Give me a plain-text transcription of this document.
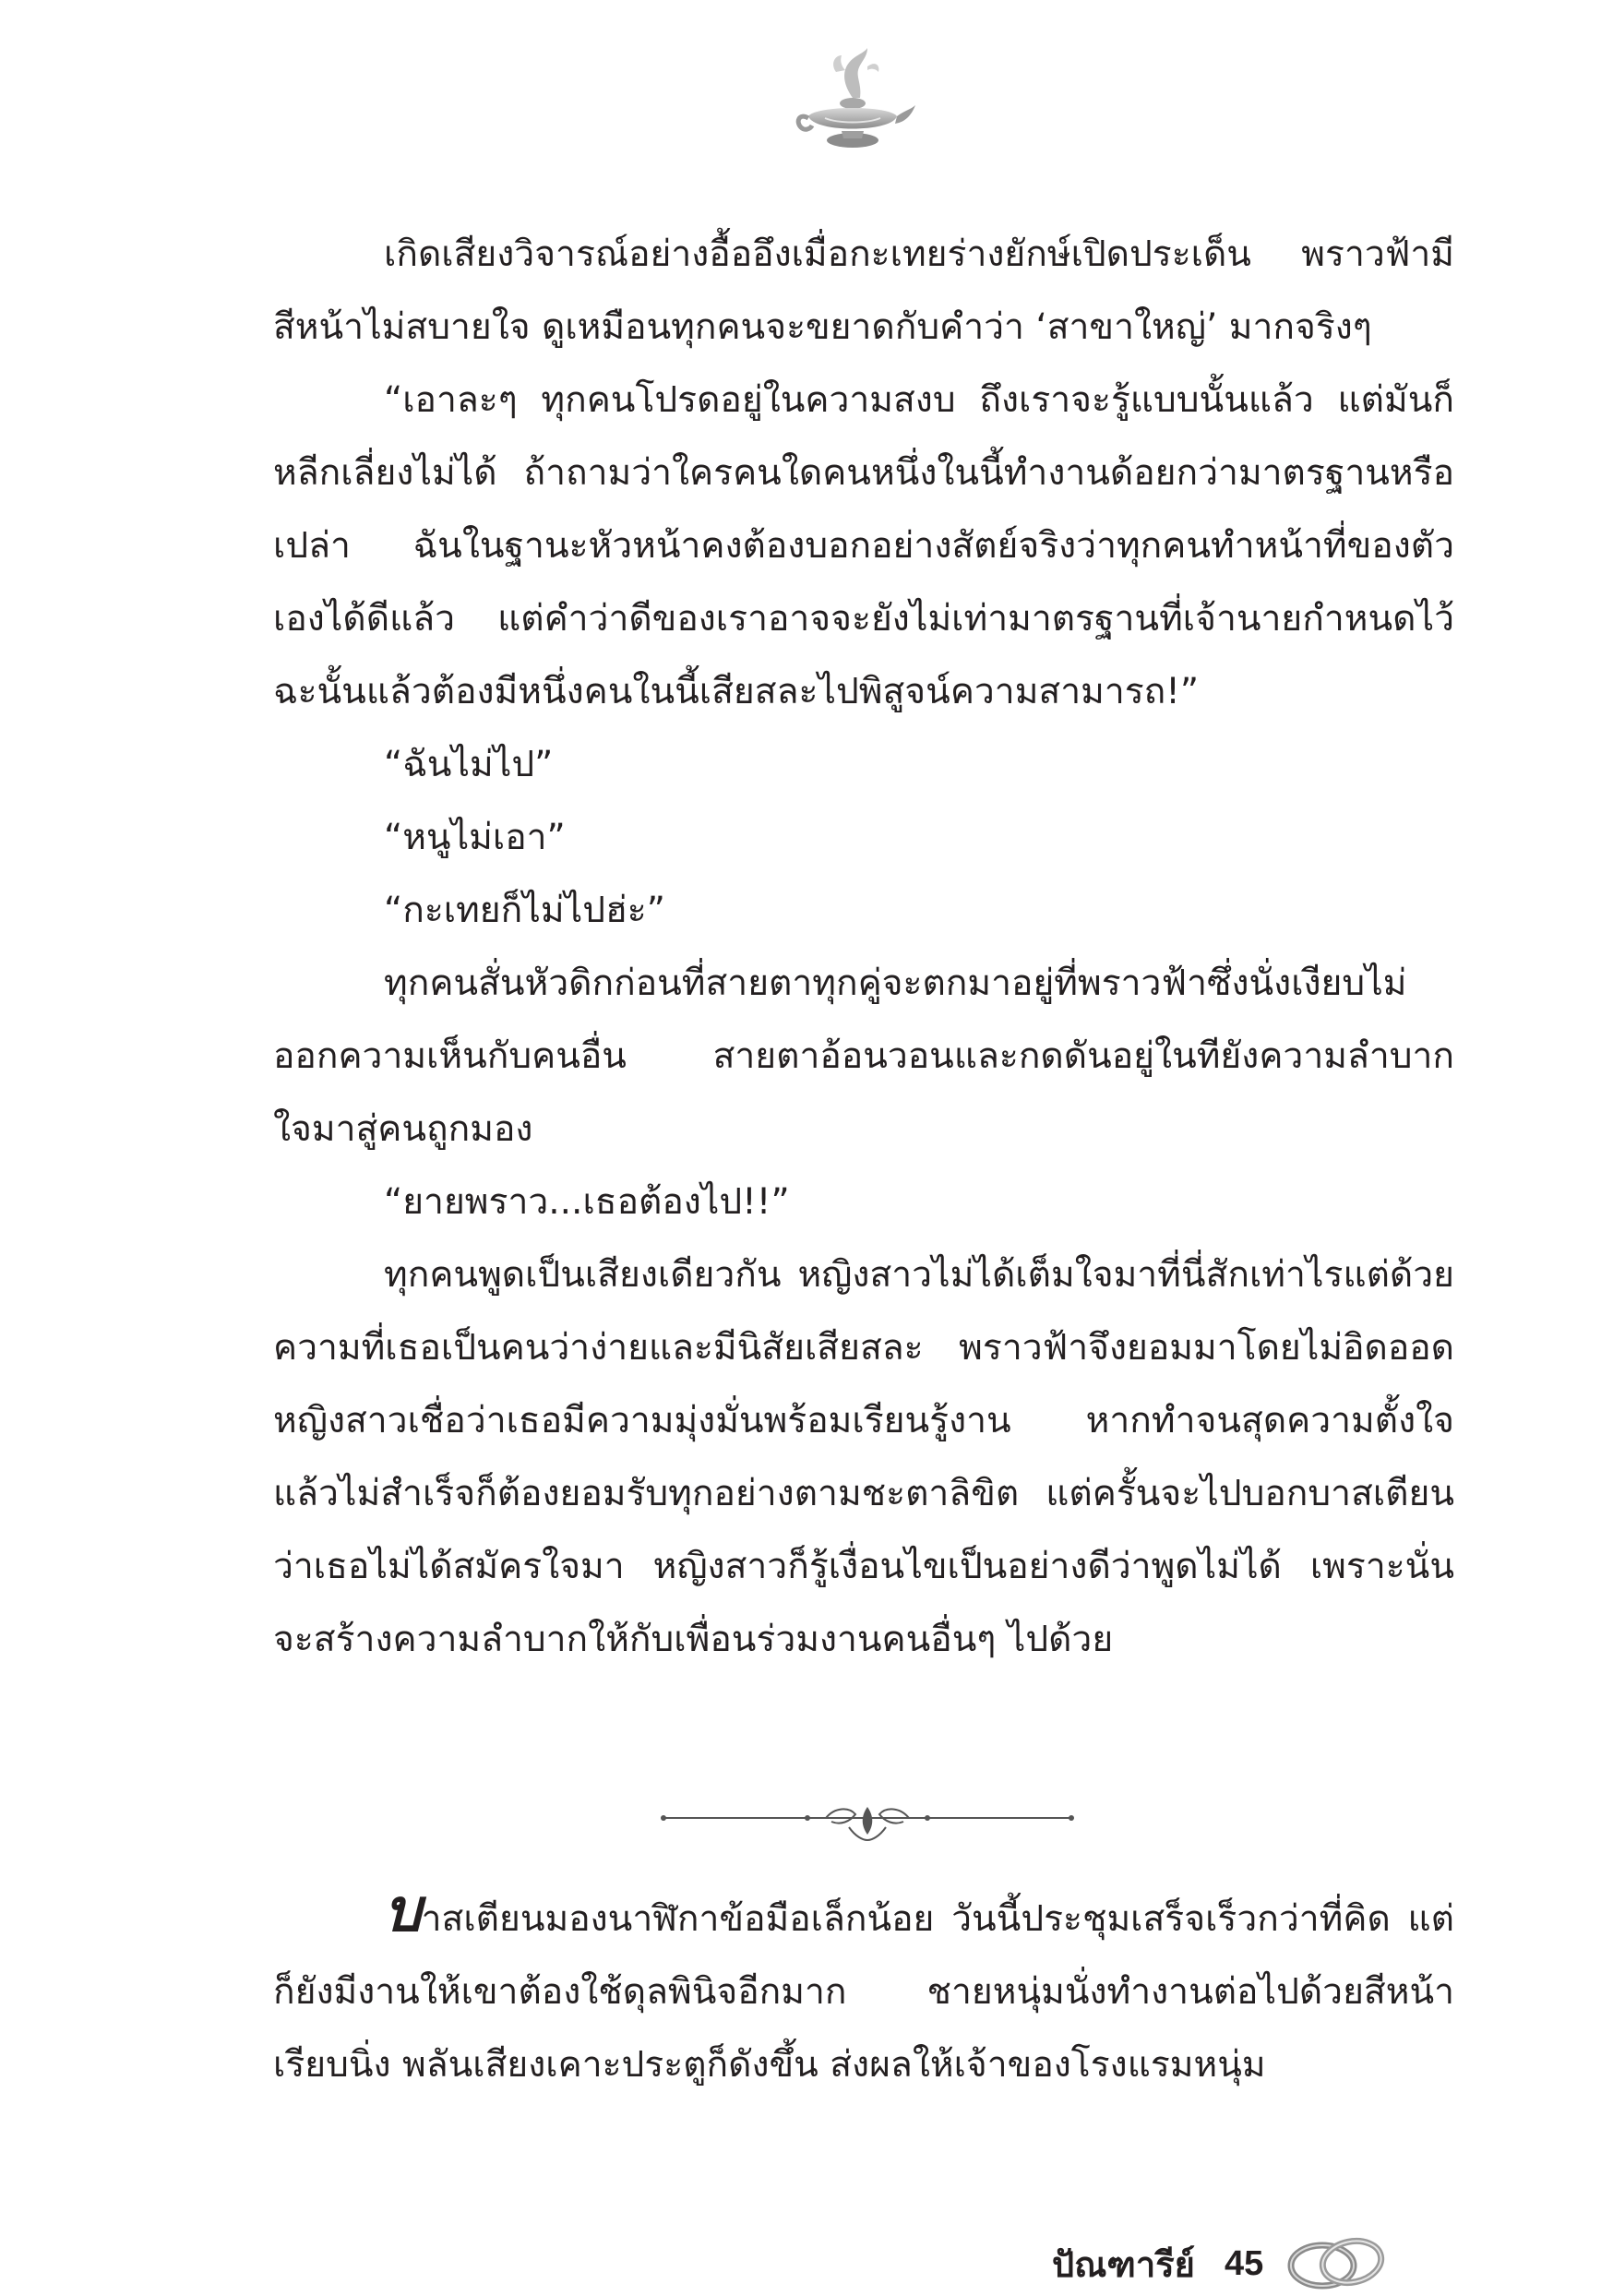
เกิดเสียงวิจารณ์อย่างอื้ออึงเมื่อกะเทยร่างยักษ์เปิดประเด็น พราวฟ้ามีสีหน้าไม่สบายใจ ดูเหมือนทุกคนจะขยาดกับคำว่า ‘สาขาใหญ่’ มากจริงๆ

“เอาละๆ ทุกคนโปรดอยู่ในความสงบ ถึงเราจะรู้แบบนั้นแล้ว แต่มันก็หลีกเลี่ยงไม่ได้ ถ้าถามว่าใครคนใดคนหนึ่งในนี้ทำงานด้อยกว่ามาตรฐานหรือเปล่า ฉันในฐานะหัวหน้าคงต้องบอกอย่างสัตย์จริงว่าทุกคนทำหน้าที่ของตัวเองได้ดีแล้ว แต่คำว่าดีของเราอาจจะยังไม่เท่ามาตรฐานที่เจ้านายกำหนดไว้ ฉะนั้นแล้วต้องมีหนึ่งคนในนี้เสียสละไปพิสูจน์ความสามารถ!”

“ฉันไม่ไป”

“หนูไม่เอา”

“กะเทยก็ไม่ไปฮ่ะ”

ทุกคนสั่นหัวดิกก่อนที่สายตาทุกคู่จะตกมาอยู่ที่พราวฟ้าซึ่งนั่งเงียบไม่ออกความเห็นกับคนอื่น สายตาอ้อนวอนและกดดันอยู่ในทียังความลำบากใจมาสู่คนถูกมอง

“ยายพราว...เธอต้องไป!!”

ทุกคนพูดเป็นเสียงเดียวกัน หญิงสาวไม่ได้เต็มใจมาที่นี่สักเท่าไรแต่ด้วยความที่เธอเป็นคนว่าง่ายและมีนิสัยเสียสละ พราวฟ้าจึงยอมมาโดยไม่อิดออด หญิงสาวเชื่อว่าเธอมีความมุ่งมั่นพร้อมเรียนรู้งาน หากทำจนสุดความตั้งใจแล้วไม่สำเร็จก็ต้องยอมรับทุกอย่างตามชะตาลิขิต แต่ครั้นจะไปบอกบาสเตียนว่าเธอไม่ได้สมัครใจมา หญิงสาวก็รู้เงื่อนไขเป็นอย่างดีว่าพูดไม่ได้ เพราะนั่นจะสร้างความลำบากให้กับเพื่อนร่วมงานคนอื่นๆ ไปด้วย

บาสเตียนมองนาฬิกาข้อมือเล็กน้อย วันนี้ประชุมเสร็จเร็วกว่าที่คิด แต่ก็ยังมีงานให้เขาต้องใช้ดุลพินิจอีกมาก ชายหนุ่มนั่งทำงานต่อไปด้วยสีหน้าเรียบนิ่ง พลันเสียงเคาะประตูก็ดังขึ้น ส่งผลให้เจ้าของโรงแรมหนุ่ม

ปัณฑารีย์ 45
